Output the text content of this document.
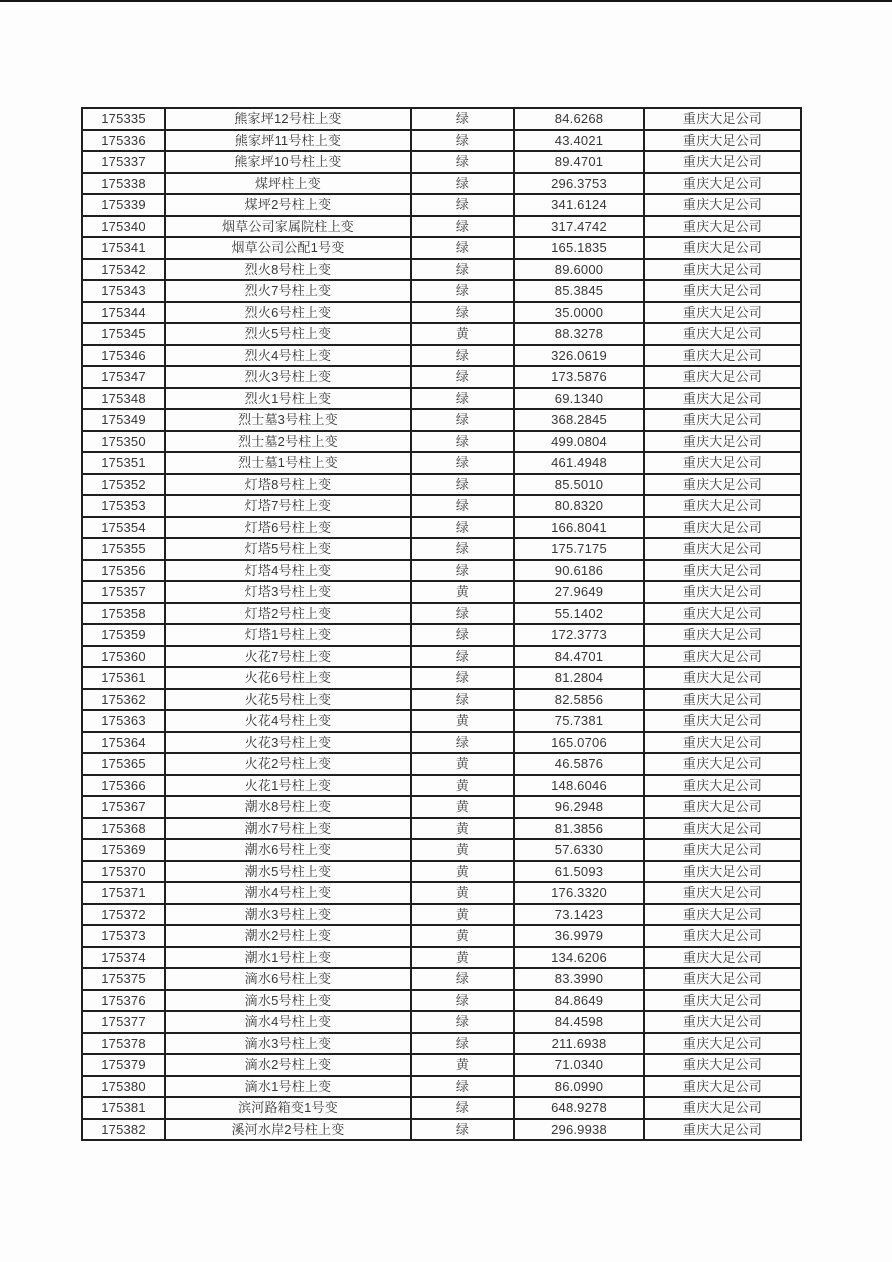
175335	熊家坪12号柱上变	绿	84.6268	重庆大足公司
175336	熊家坪11号柱上变	绿	43.4021	重庆大足公司
175337	熊家坪10号柱上变	绿	89.4701	重庆大足公司
175338	煤坪柱上变	绿	296.3753	重庆大足公司
175339	煤坪2号柱上变	绿	341.6124	重庆大足公司
175340	烟草公司家属院柱上变	绿	317.4742	重庆大足公司
175341	烟草公司公配1号变	绿	165.1835	重庆大足公司
175342	烈火8号柱上变	绿	89.6000	重庆大足公司
175343	烈火7号柱上变	绿	85.3845	重庆大足公司
175344	烈火6号柱上变	绿	35.0000	重庆大足公司
175345	烈火5号柱上变	黄	88.3278	重庆大足公司
175346	烈火4号柱上变	绿	326.0619	重庆大足公司
175347	烈火3号柱上变	绿	173.5876	重庆大足公司
175348	烈火1号柱上变	绿	69.1340	重庆大足公司
175349	烈士墓3号柱上变	绿	368.2845	重庆大足公司
175350	烈士墓2号柱上变	绿	499.0804	重庆大足公司
175351	烈士墓1号柱上变	绿	461.4948	重庆大足公司
175352	灯塔8号柱上变	绿	85.5010	重庆大足公司
175353	灯塔7号柱上变	绿	80.8320	重庆大足公司
175354	灯塔6号柱上变	绿	166.8041	重庆大足公司
175355	灯塔5号柱上变	绿	175.7175	重庆大足公司
175356	灯塔4号柱上变	绿	90.6186	重庆大足公司
175357	灯塔3号柱上变	黄	27.9649	重庆大足公司
175358	灯塔2号柱上变	绿	55.1402	重庆大足公司
175359	灯塔1号柱上变	绿	172.3773	重庆大足公司
175360	火花7号柱上变	绿	84.4701	重庆大足公司
175361	火花6号柱上变	绿	81.2804	重庆大足公司
175362	火花5号柱上变	绿	82.5856	重庆大足公司
175363	火花4号柱上变	黄	75.7381	重庆大足公司
175364	火花3号柱上变	绿	165.0706	重庆大足公司
175365	火花2号柱上变	黄	46.5876	重庆大足公司
175366	火花1号柱上变	黄	148.6046	重庆大足公司
175367	潮水8号柱上变	黄	96.2948	重庆大足公司
175368	潮水7号柱上变	黄	81.3856	重庆大足公司
175369	潮水6号柱上变	黄	57.6330	重庆大足公司
175370	潮水5号柱上变	黄	61.5093	重庆大足公司
175371	潮水4号柱上变	黄	176.3320	重庆大足公司
175372	潮水3号柱上变	黄	73.1423	重庆大足公司
175373	潮水2号柱上变	黄	36.9979	重庆大足公司
175374	潮水1号柱上变	黄	134.6206	重庆大足公司
175375	滴水6号柱上变	绿	83.3990	重庆大足公司
175376	滴水5号柱上变	绿	84.8649	重庆大足公司
175377	滴水4号柱上变	绿	84.4598	重庆大足公司
175378	滴水3号柱上变	绿	211.6938	重庆大足公司
175379	滴水2号柱上变	黄	71.0340	重庆大足公司
175380	滴水1号柱上变	绿	86.0990	重庆大足公司
175381	滨河路箱变1号变	绿	648.9278	重庆大足公司
175382	溪河水岸2号柱上变	绿	296.9938	重庆大足公司
